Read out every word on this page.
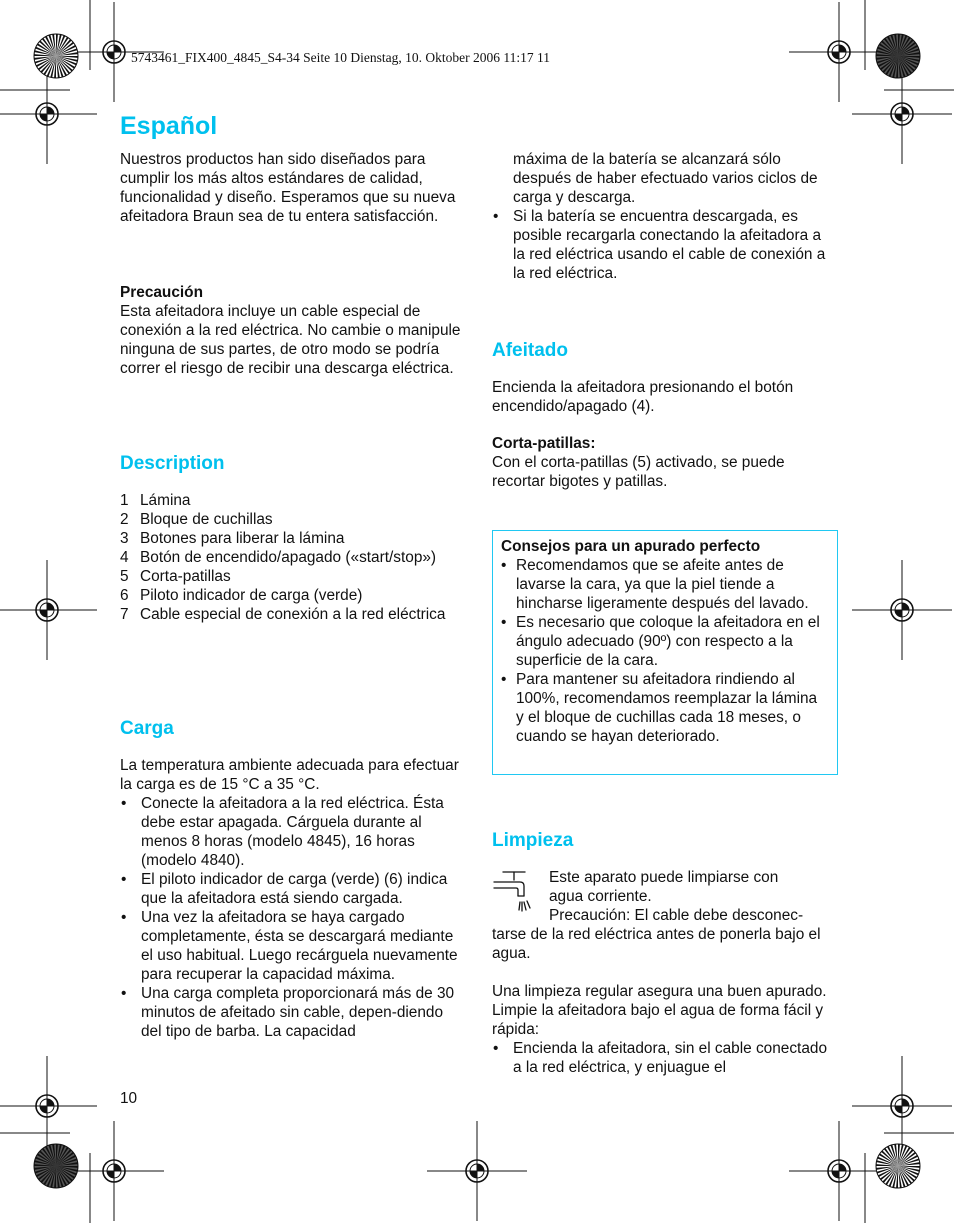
5743461_FIX400_4845_S4-34 Seite 10 Dienstag, 10. Oktober 2006 11:17 11
Español

Nuestros productos han sido diseñados para cumplir los más altos estándares de calidad, funcionalidad y diseño. Esperamos que su nueva afeitadora Braun sea de tu entera satisfacción.

Precaución

Esta afeitadora incluye un cable especial de conexión a la red eléctrica. No cambie o manipule ninguna de sus partes, de otro modo se podría correr el riesgo de recibir una descarga eléctrica.

Description
1 Lámina
2 Bloque de cuchillas
3 Botones para liberar la lámina
4 Botón de encendido/apagado («start/stop»)
5 Corta-patillas
6 Piloto indicador de carga (verde)
7 Cable especial de conexión a la red eléctrica
Carga

La temperatura ambiente adecuada para efectuar la carga es de 15 °C a 35 °C.

• Conecte la afeitadora a la red eléctrica. Ésta debe estar apagada. Cárguela durante al menos 8 horas (modelo 4845), 16 horas (modelo 4840).
• El piloto indicador de carga (verde) (6) indica que la afeitadora está siendo cargada.
• Una vez la afeitadora se haya cargado completamente, ésta se descargará mediante el uso habitual. Luego recárguela nuevamente para recuperar la capacidad máxima.
• Una carga completa proporcionará más de 30 minutos de afeitado sin cable, depen-diendo del tipo de barba. La capacidad
10

máxima de la batería se alcanzará sólo después de haber efectuado varios ciclos de carga y descarga.

• Si la batería se encuentra descargada, es posible recargarla conectando la afeitadora a la red eléctrica usando el cable de conexión a la red eléctrica.
Afeitado

Encienda la afeitadora presionando el botón encendido/apagado (4).

Corta-patillas:

Con el corta-patillas (5) activado, se puede recortar bigotes y patillas.

Consejos para un apurado perfecto

• Recomendamos que se afeite antes de lavarse la cara, ya que la piel tiende a hincharse ligeramente después del lavado.
• Es necesario que coloque la afeitadora en el ángulo adecuado (90º) con respecto a la superficie de la cara.
• Para mantener su afeitadora rindiendo al 100%, recomendamos reemplazar la lámina y el bloque de cuchillas cada 18 meses, o cuando se hayan deteriorado.
Limpieza

Este aparato puede limpiarse con

agua corriente.

Precaución: El cable debe desconec-

tarse de la red eléctrica antes de ponerla bajo el agua.

Una limpieza regular asegura una buen apurado. Limpie la afeitadora bajo el agua de forma fácil y rápida:

• Encienda la afeitadora, sin el cable conectado a la red eléctrica, y enjuague el
